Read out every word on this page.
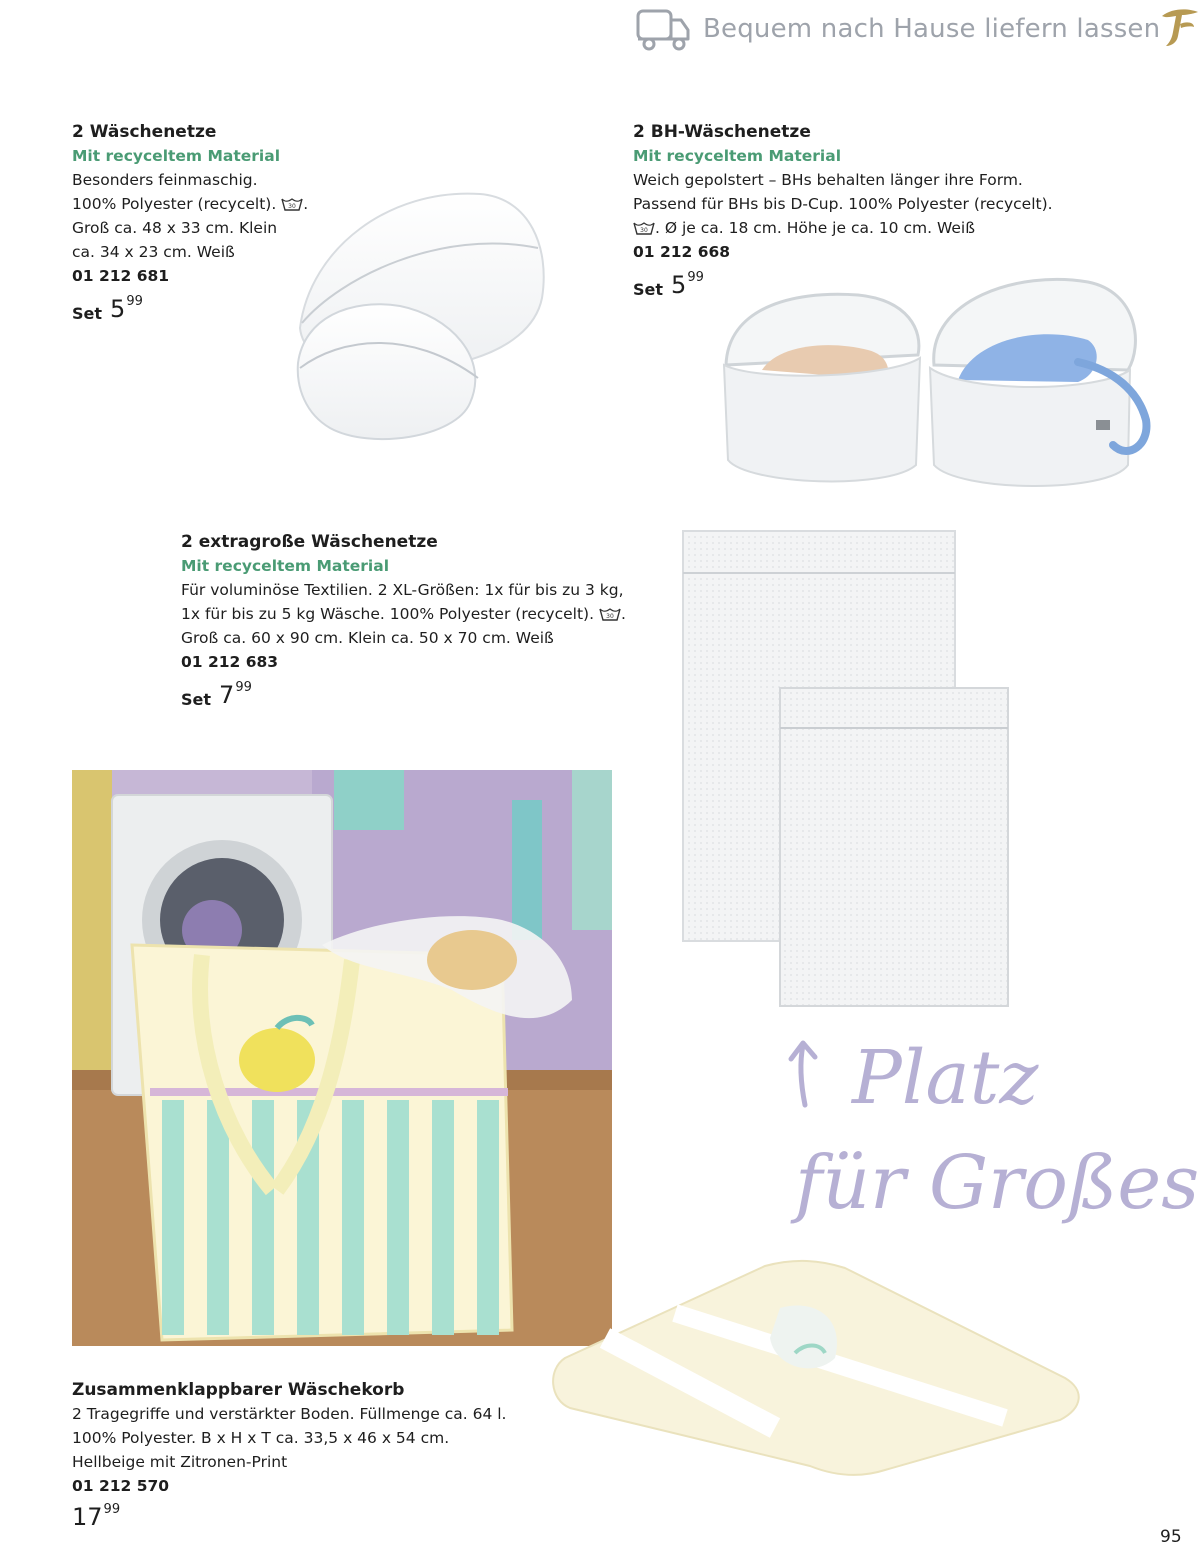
Bequem nach Hause liefern lassen
2 Wäschenetze
Mit recyceltem Material
Besonders feinmaschig.
100% Polyester (recycelt). 30 .
Groß ca. 48 x 33 cm. Klein
ca. 34 x 23 cm. Weiß
01 212 681
Set 5 99
2 BH-Wäschenetze
Mit recyceltem Material
Weich gepolstert – BHs behalten länger ihre Form.
Passend für BHs bis D-Cup. 100% Polyester (recycelt).
30 . Ø je ca. 18 cm. Höhe je ca. 10 cm. Weiß
01 212 668
Set 5 99
2 extragroße Wäschenetze
Mit recyceltem Material
Für voluminöse Textilien. 2 XL-Größen: 1x für bis zu 3 kg,
1x für bis zu 5 kg Wäsche. 100% Polyester (recycelt). 30 .
Groß ca. 60 x 90 cm. Klein ca. 50 x 70 cm. Weiß
01 212 683
Set 7 99
Platz
für Großes
Zusammenklappbarer Wäschekorb
2 Tragegriffe und verstärkter Boden. Füllmenge ca. 64 l.
100% Polyester. B x H x T ca. 33,5 x 46 x 54 cm.
Hellbeige mit Zitronen-Print
01 212 570
17 99
95
